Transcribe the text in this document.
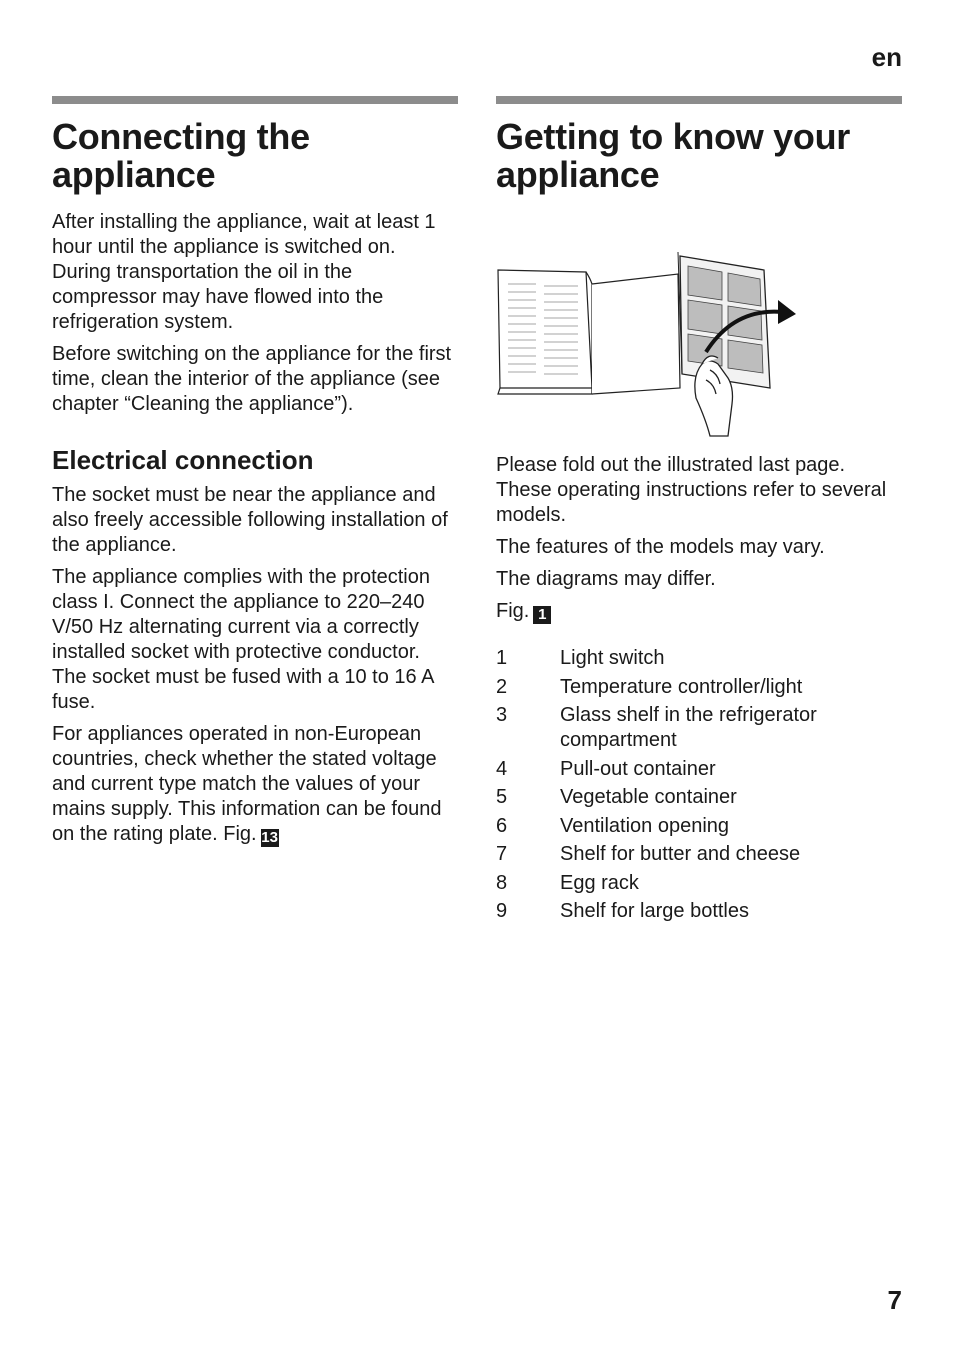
en
Connecting the appliance

After installing the appliance, wait at least 1 hour until the appliance is switched on. During transportation the oil in the compressor may have flowed into the refrigeration system.

Before switching on the appliance for the first time, clean the interior of the appliance (see chapter “Cleaning the appliance”).

Electrical connection

The socket must be near the appliance and also freely accessible following installation of the appliance.

The appliance complies with the protection class I. Connect the appliance to 220–240 V/50 Hz alternating current via a correctly installed socket with protective conductor. The socket must be fused with a 10 to 16 A fuse.

For appliances operated in non-European countries, check whether the stated voltage and current type match the values of your mains supply. This information can be found on the rating plate. Fig. 13

Getting to know your appliance

Please fold out the illustrated last page. These operating instructions refer to several models.

The features of the models may vary.

The diagrams may differ.

Fig. 1

1	Light switch
2	Temperature controller/light
3	Glass shelf in the refrigerator compartment
4	Pull-out container
5	Vegetable container
6	Ventilation opening
7	Shelf for butter and cheese
8	Egg rack
9	Shelf for large bottles
7
